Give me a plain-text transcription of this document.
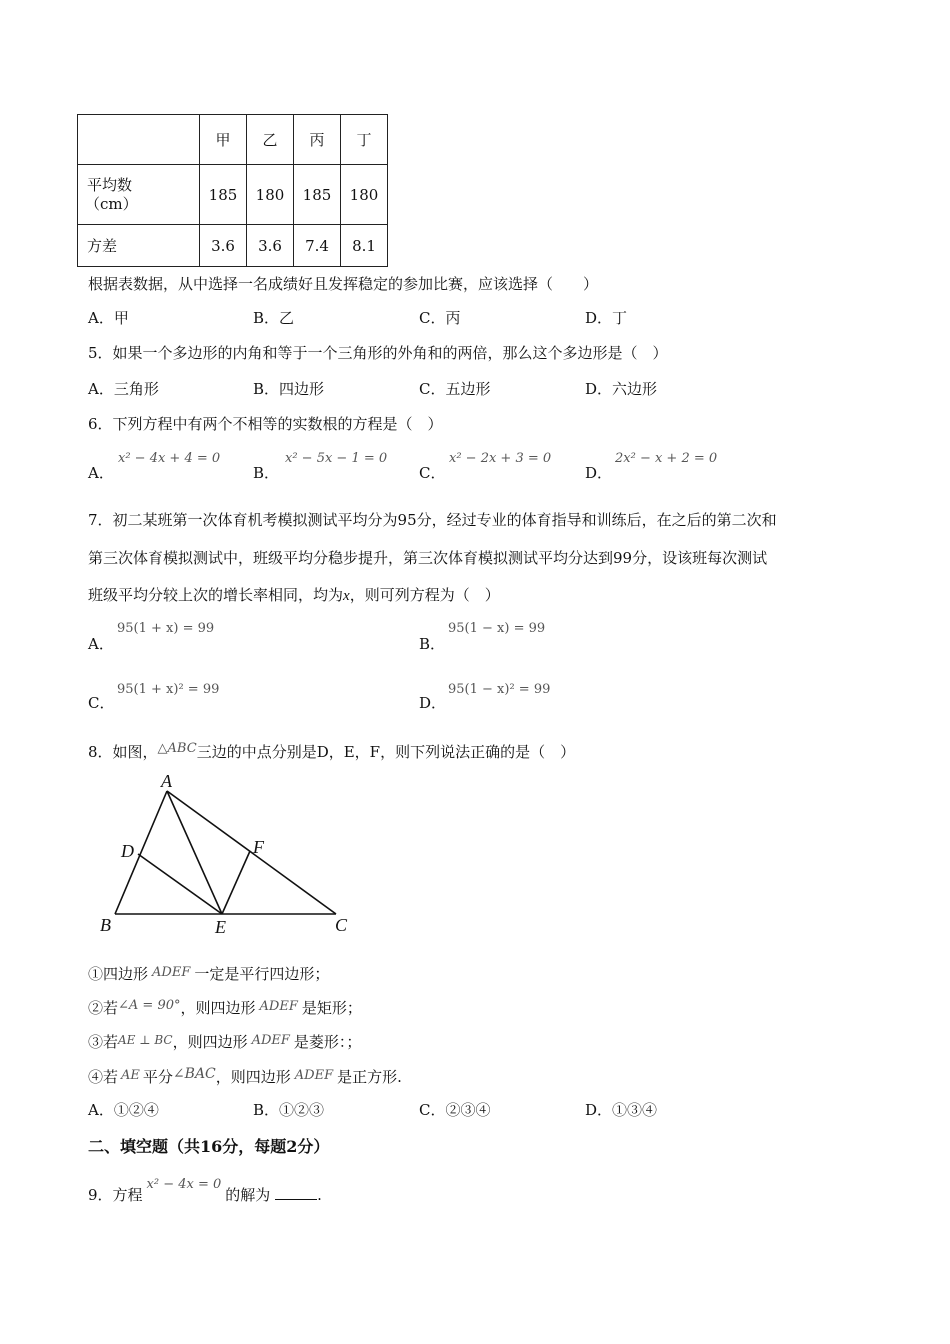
	甲	乙	丙	丁

平均数
（cm）	185	180	185	180
方差	3.6	3.6	7.4	8.1
根据表数据，从中选择一名成绩好且发挥稳定的参加比赛，应该选择（　　）
A．甲	B．乙	C．丙	D．丁
5．如果一个多边形的内角和等于一个三角形的外角和的两倍，那么这个多边形是（　）
A．三角形	B．四边形	C．五边形	D．六边形
6．下列方程中有两个不相等的实数根的方程是（　）
A．
x² − 4x + 4 = 0
B．
x² − 5x − 1 = 0
C．
x² − 2x + 3 = 0
D．
2x² − x + 2 = 0
7．初二某班第一次体育机考模拟测试平均分为95分，经过专业的体育指导和训练后，在之后的第二次和
第三次体育模拟测试中，班级平均分稳步提升，第三次体育模拟测试平均分达到99分，设该班每次测试
班级平均分较上次的增长率相同，均为x，则可列方程为（　）
A．
95(1 + x) = 99
B．
95(1 − x) = 99
C．
95(1 + x)² = 99
D．
95(1 − x)² = 99
8．如图，△ABC三边的中点分别是D，E，F，则下列说法正确的是（　）
A
B	C
D
E
F
①四边形 ADEF 一定是平行四边形；
②若∠A = 90°，则四边形 ADEF 是矩形；
③若$^{AE \perp BC}$，则四边形 ADEF 是菱形：；
④若 AE 平分∠BAC，则四边形 ADEF 是正方形.
A．①②④	B．①②③	C．②③④	D．①③④
二、填空题（共16分，每题2分）
9．方程x² − 4x = 0的解为	.
